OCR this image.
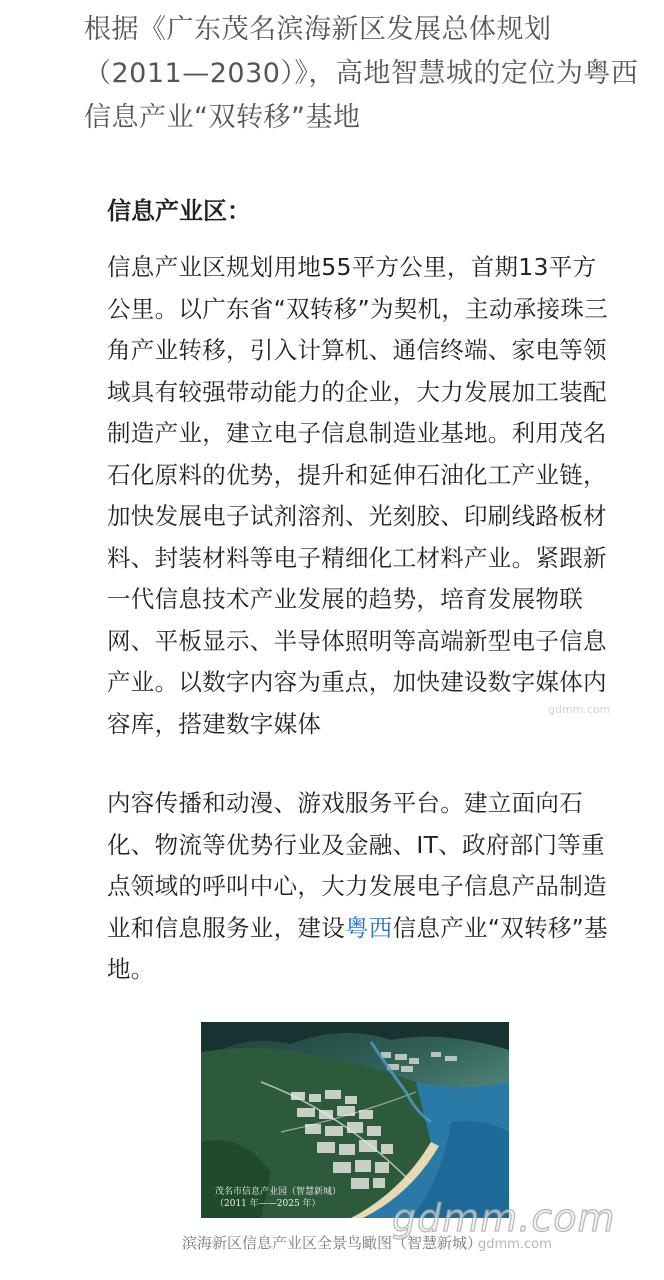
根据《广东茂名滨海新区发展总体规划（2011—2030）》，高地智慧城的定位为粤西信息产业“双转移”基地

信息产业区：

信息产业区规划用地55平方公里，首期13平方公里。以广东省“双转移”为契机，主动承接珠三角产业转移，引入计算机、通信终端、家电等领域具有较强带动能力的企业，大力发展加工装配制造产业，建立电子信息制造业基地。利用茂名石化原料的优势，提升和延伸石油化工产业链，加快发展电子试剂溶剂、光刻胶、印刷线路板材料、封装材料等电子精细化工材料产业。紧跟新一代信息技术产业发展的趋势，培育发展物联网、平板显示、半导体照明等高端新型电子信息产业。以数字内容为重点，加快建设数字媒体内容库，搭建数字媒体

内容传播和动漫、游戏服务平台。建立面向石化、物流等优势行业及金融、IT、政府部门等重点领域的呼叫中心，大力发展电子信息产品制造业和信息服务业，建设粤西信息产业“双转移”基地。

茂名市信息产业园（智慧新城）
（2011 年——2025 年）

滨海新区信息产业区全景鸟瞰图（智慧新城）

gdmm.com
gdmm.com
gdmm.com
